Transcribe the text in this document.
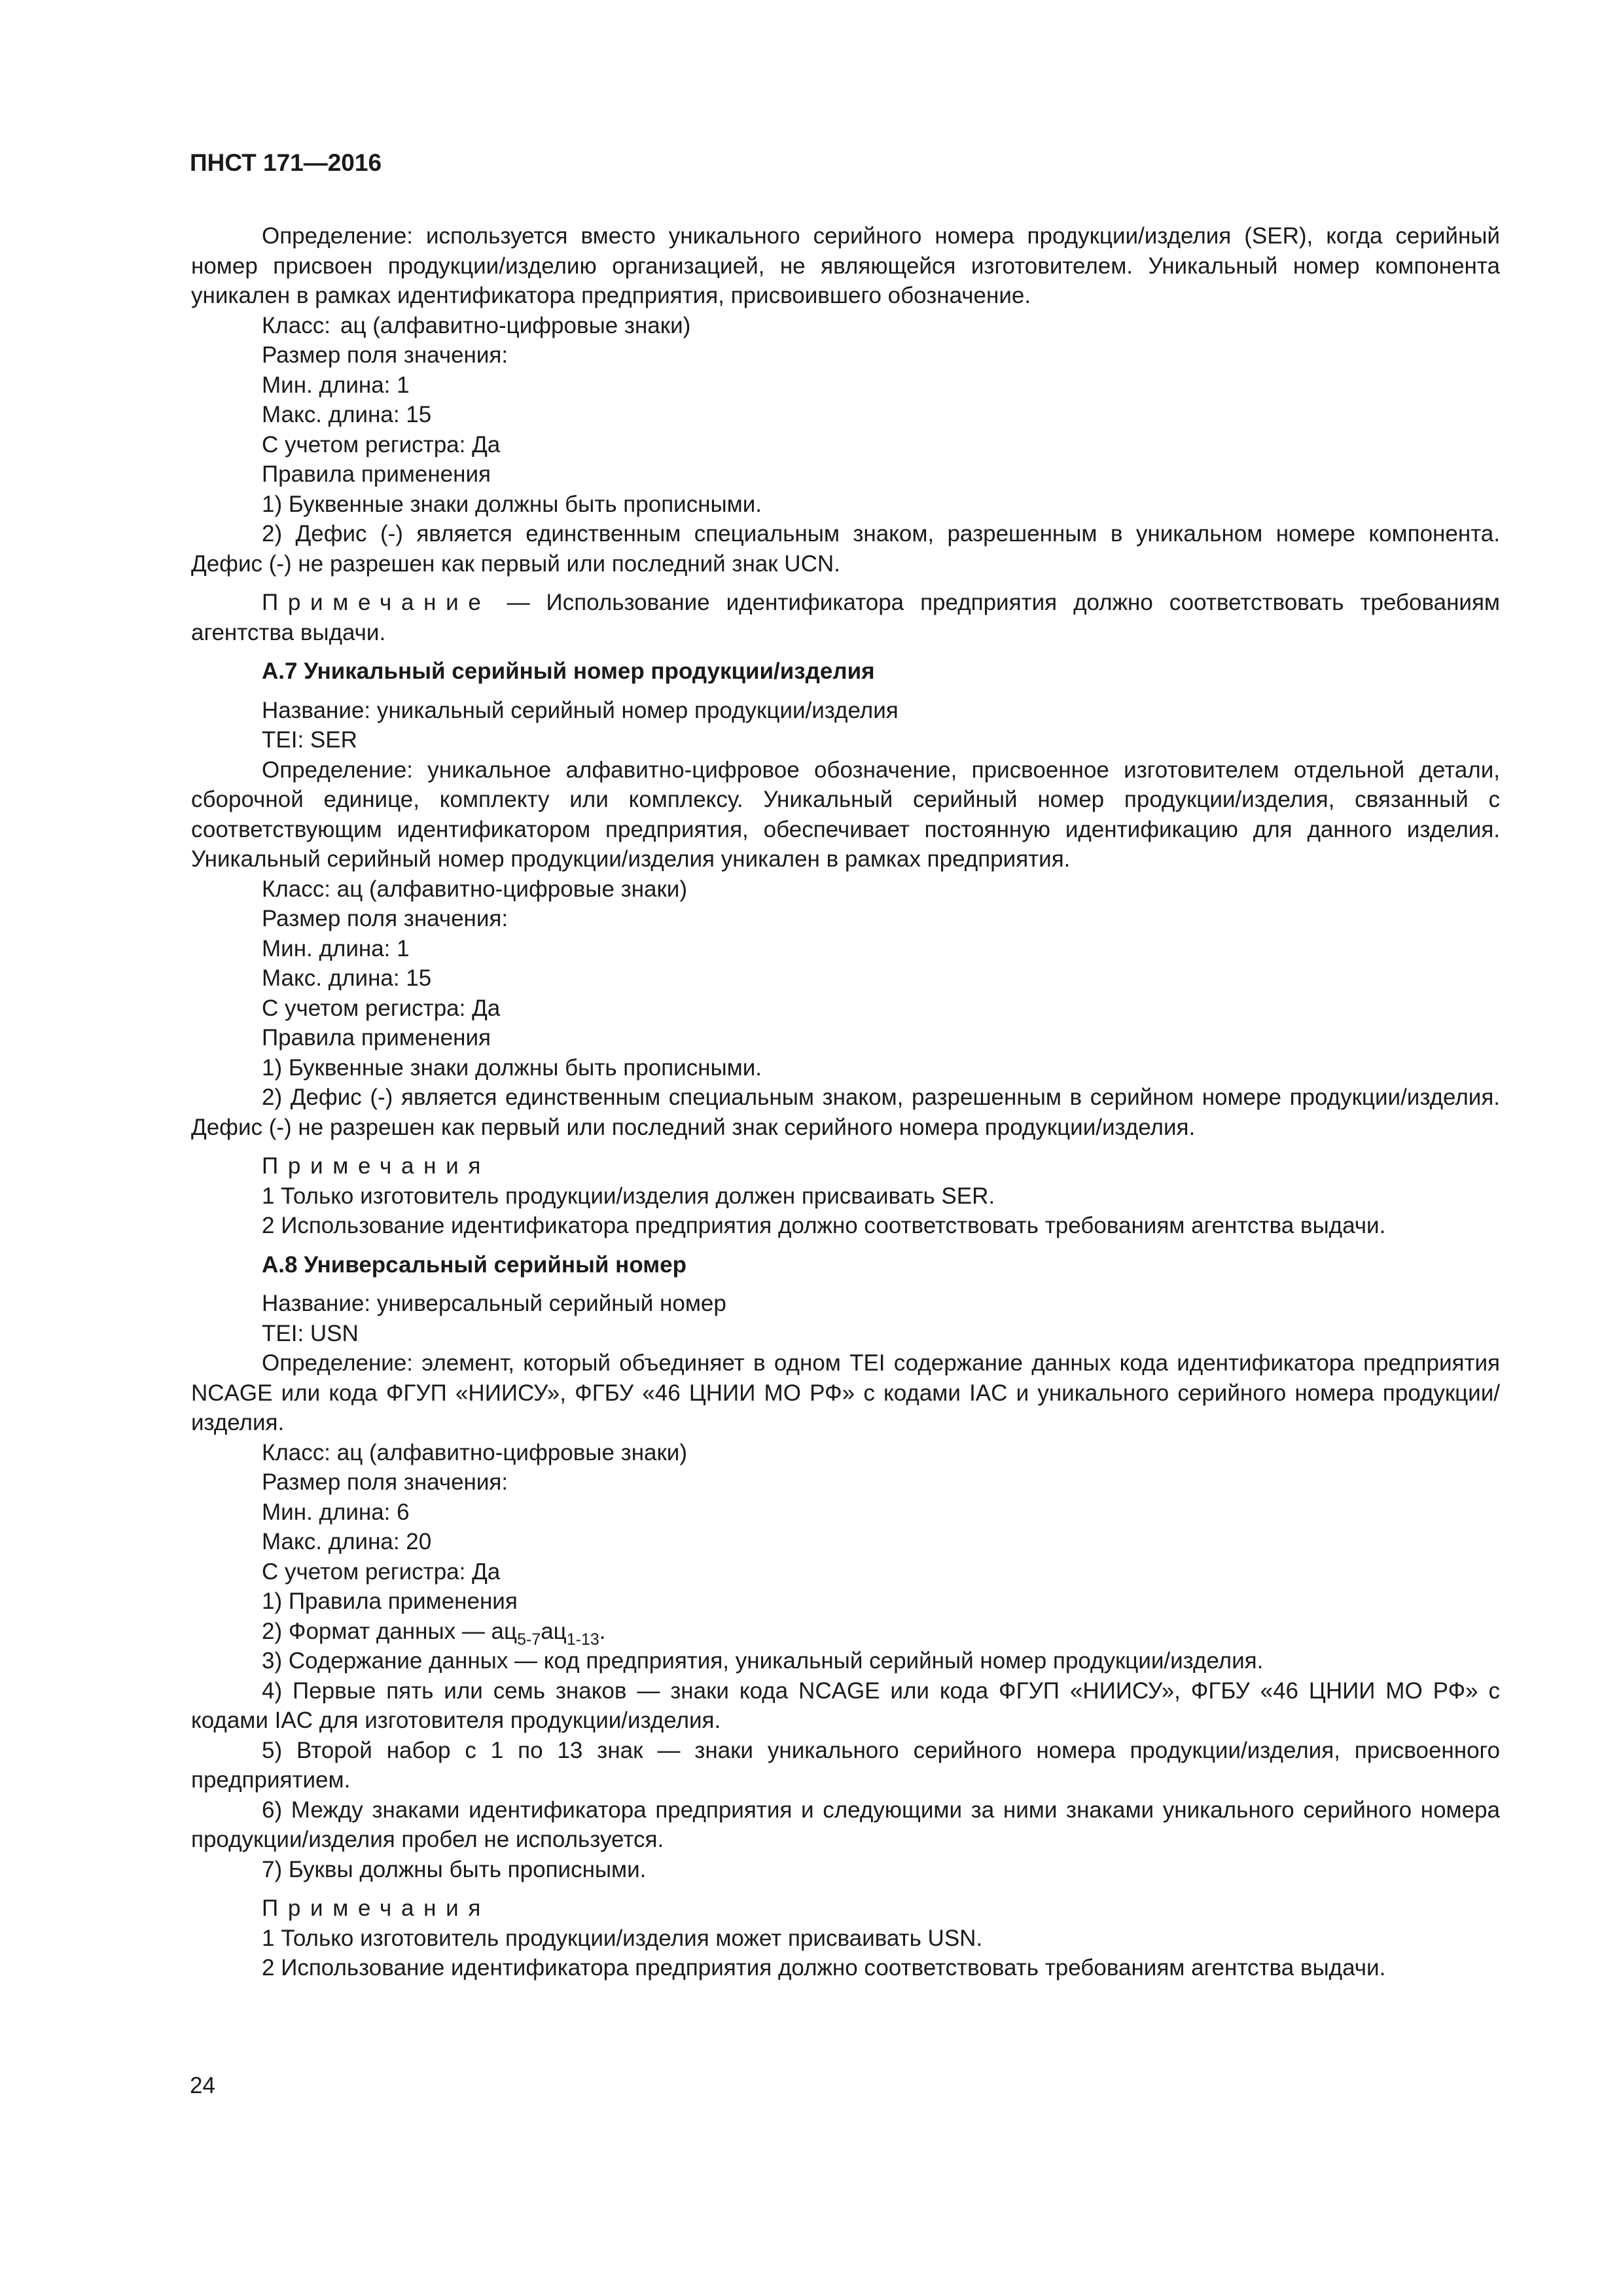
ПНСТ 171—2016

Определение: используется вместо уникального серийного номера продукции/изделия (SER), когда серийный номер присвоен продукции/изделию организацией, не являющейся изготовителем. Уникальный номер компонента уникален в рамках идентификатора предприятия, присвоившего обозначение.

Класс: ац (алфавитно-цифровые знаки)

Размер поля значения:

Мин. длина: 1

Макс. длина: 15

С учетом регистра: Да

Правила применения

1) Буквенные знаки должны быть прописными.

2) Дефис (-) является единственным специальным знаком, разрешенным в уникальном номере компонента. Дефис (-) не разрешен как первый или последний знак UCN.

Примечание — Использование идентификатора предприятия должно соответствовать требованиям агентства выдачи.

А.7 Уникальный серийный номер продукции/изделия

Название: уникальный серийный номер продукции/изделия

TEI: SER

Определение: уникальное алфавитно-цифровое обозначение, присвоенное изготовителем отдельной детали, сборочной единице, комплекту или комплексу. Уникальный серийный номер продукции/изделия, связанный с соответствующим идентификатором предприятия, обеспечивает постоянную идентификацию для данного изделия. Уникальный серийный номер продукции/изделия уникален в рамках предприятия.

Класс: ац (алфавитно-цифровые знаки)

Размер поля значения:

Мин. длина: 1

Макс. длина: 15

С учетом регистра: Да

Правила применения

1) Буквенные знаки должны быть прописными.

2) Дефис (-) является единственным специальным знаком, разрешенным в серийном номере продукции/изделия. Дефис (-) не разрешен как первый или последний знак серийного номера продукции/изделия.

Примечания

1 Только изготовитель продукции/изделия должен присваивать SER.

2 Использование идентификатора предприятия должно соответствовать требованиям агентства выдачи.

А.8 Универсальный серийный номер

Название: универсальный серийный номер

TEI: USN

Определение: элемент, который объединяет в одном TEI содержание данных кода идентификатора предприятия NCAGE или кода ФГУП «НИИСУ», ФГБУ «46 ЦНИИ МО РФ» с кодами IAC и уникального серийного номера продукции/изделия.

Класс: ац (алфавитно-цифровые знаки)

Размер поля значения:

Мин. длина: 6

Макс. длина: 20

С учетом регистра: Да

1) Правила применения

2) Формат данных — $ац_{5-7}ац_{1-13}$.

3) Содержание данных — код предприятия, уникальный серийный номер продукции/изделия.

4) Первые пять или семь знаков — знаки кода NCAGE или кода ФГУП «НИИСУ», ФГБУ «46 ЦНИИ МО РФ» с кодами IAC для изготовителя продукции/изделия.

5) Второй набор с 1 по 13 знак — знаки уникального серийного номера продукции/изделия, присвоенного предприятием.

6) Между знаками идентификатора предприятия и следующими за ними знаками уникального серийного номера продукции/изделия пробел не используется.

7) Буквы должны быть прописными.

Примечания

1 Только изготовитель продукции/изделия может присваивать USN.

2 Использование идентификатора предприятия должно соответствовать требованиям агентства выдачи.

24
